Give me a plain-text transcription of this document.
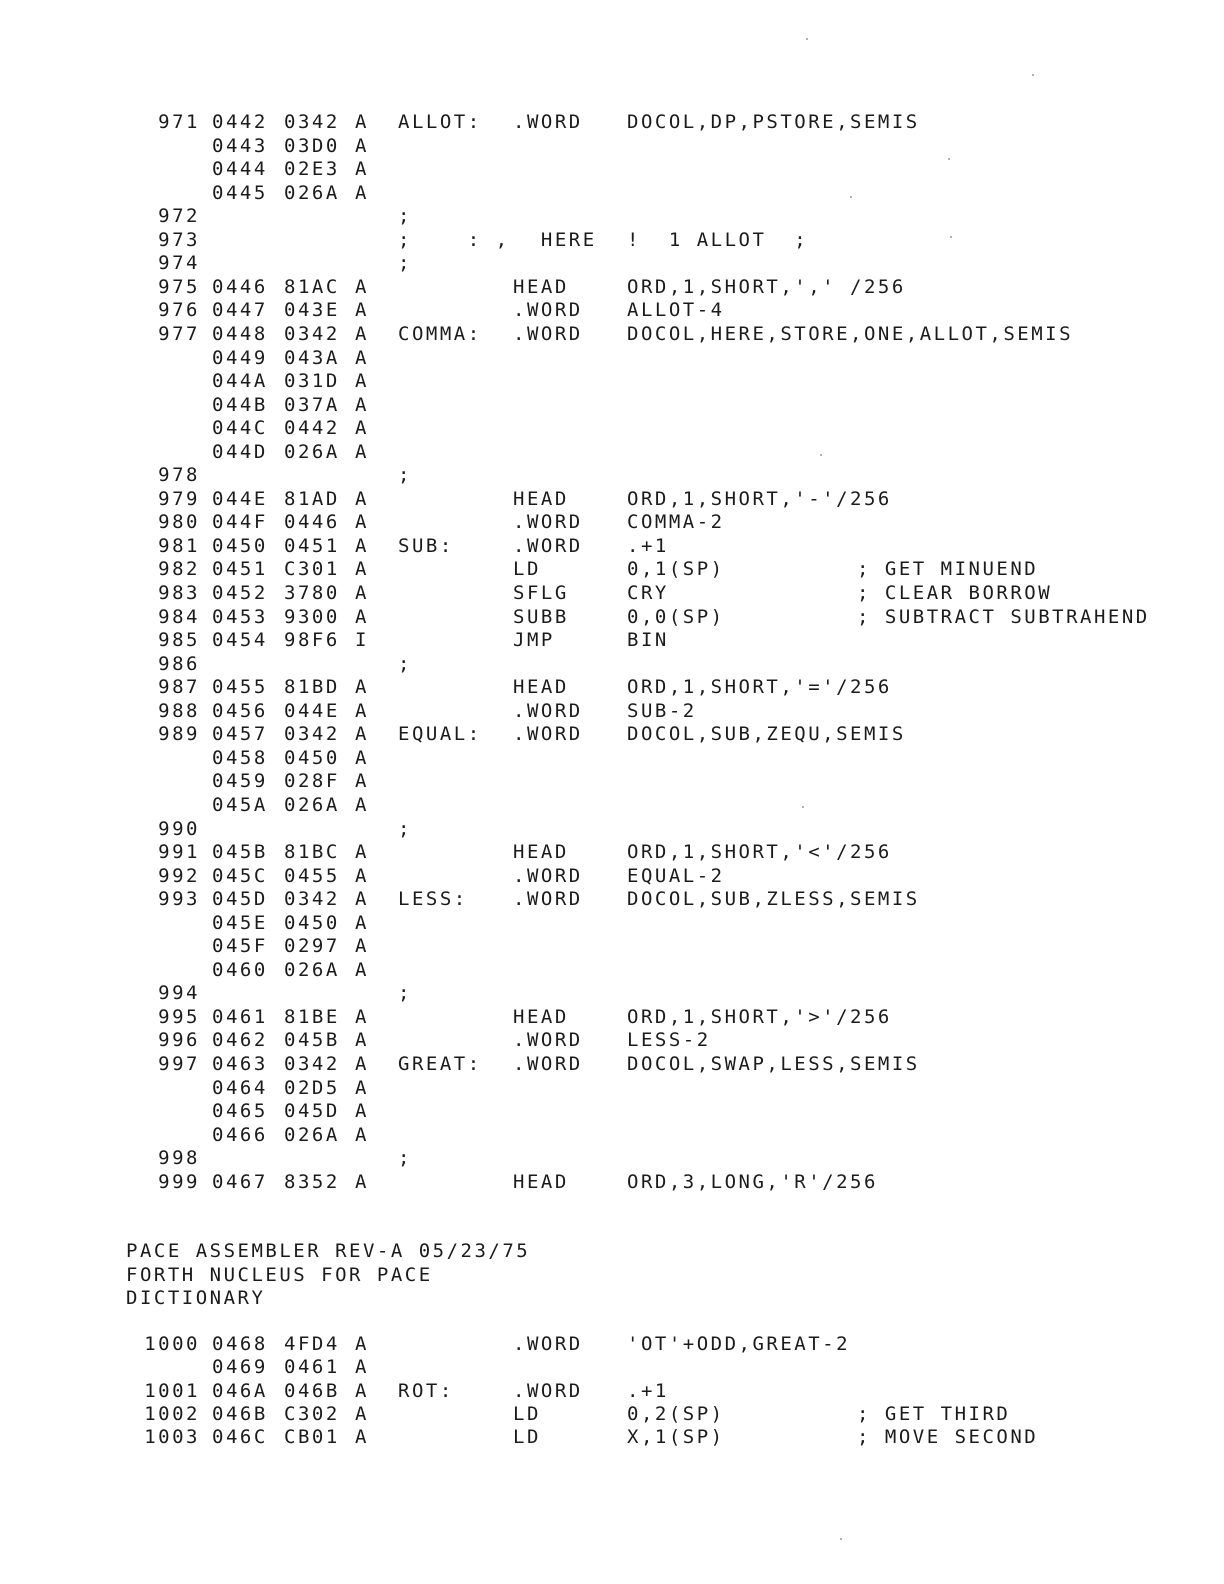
971 0442 0342 A ALLOT: .WORD DOCOL,DP,PSTORE,SEMIS
0443 03D0 A
0444 02E3 A
0445 026A A
972	;
973	;    : , HERE !  1 ALLOT  ;
974	;
975 0446 81AC A	HEAD	ORD,1,SHORT,',' /256
976 0447 043E A	.WORD ALLOT-4
977 0448 0342 A COMMA: .WORD DOCOL,HERE,STORE,ONE,ALLOT,SEMIS
0449 043A A
044A 031D A
044B 037A A
044C 0442 A
044D 026A A
978	;
979 044E 81AD A	HEAD	ORD,1,SHORT,'-'/256
980 044F 0446 A	.WORD COMMA-2
981 0450 0451 A SUB:	.WORD .+1
982 0451 C301 A	LD	0,1(SP)	; GET MINUEND
983 0452 3780 A	SFLG	CRY	; CLEAR BORROW
984 0453 9300 A	SUBB	0,0(SP)	; SUBTRACT SUBTRAHEND
985 0454 98F6 I	JMP	BIN
986	;
987 0455 81BD A	HEAD	ORD,1,SHORT,'='/256
988 0456 044E A	.WORD SUB-2
989 0457 0342 A EQUAL: .WORD DOCOL,SUB,ZEQU,SEMIS
0458 0450 A
0459 028F A
045A 026A A
990	;
991 045B 81BC A	HEAD	ORD,1,SHORT,'<'/256
992 045C 0455 A	.WORD EQUAL-2
993 045D 0342 A LESS: .WORD DOCOL,SUB,ZLESS,SEMIS
045E 0450 A
045F 0297 A
0460 026A A
994	;
995 0461 81BE A	HEAD	ORD,1,SHORT,'>'/256
996 0462 045B A	.WORD LESS-2
997 0463 0342 A GREAT: .WORD DOCOL,SWAP,LESS,SEMIS
0464 02D5 A
0465 045D A
0466 026A A
998	;
999 0467 8352 A	HEAD	ORD,3,LONG,'R'/256
PACE ASSEMBLER REV-A 05/23/75
FORTH NUCLEUS FOR PACE
DICTIONARY
1000 0468 4FD4 A	.WORD 'OT'+ODD,GREAT-2
0469 0461 A
1001 046A 046B A ROT:	.WORD .+1
1002 046B C302 A	LD	0,2(SP)	; GET THIRD
1003 046C CB01 A	LD	X,1(SP)	; MOVE SECOND
